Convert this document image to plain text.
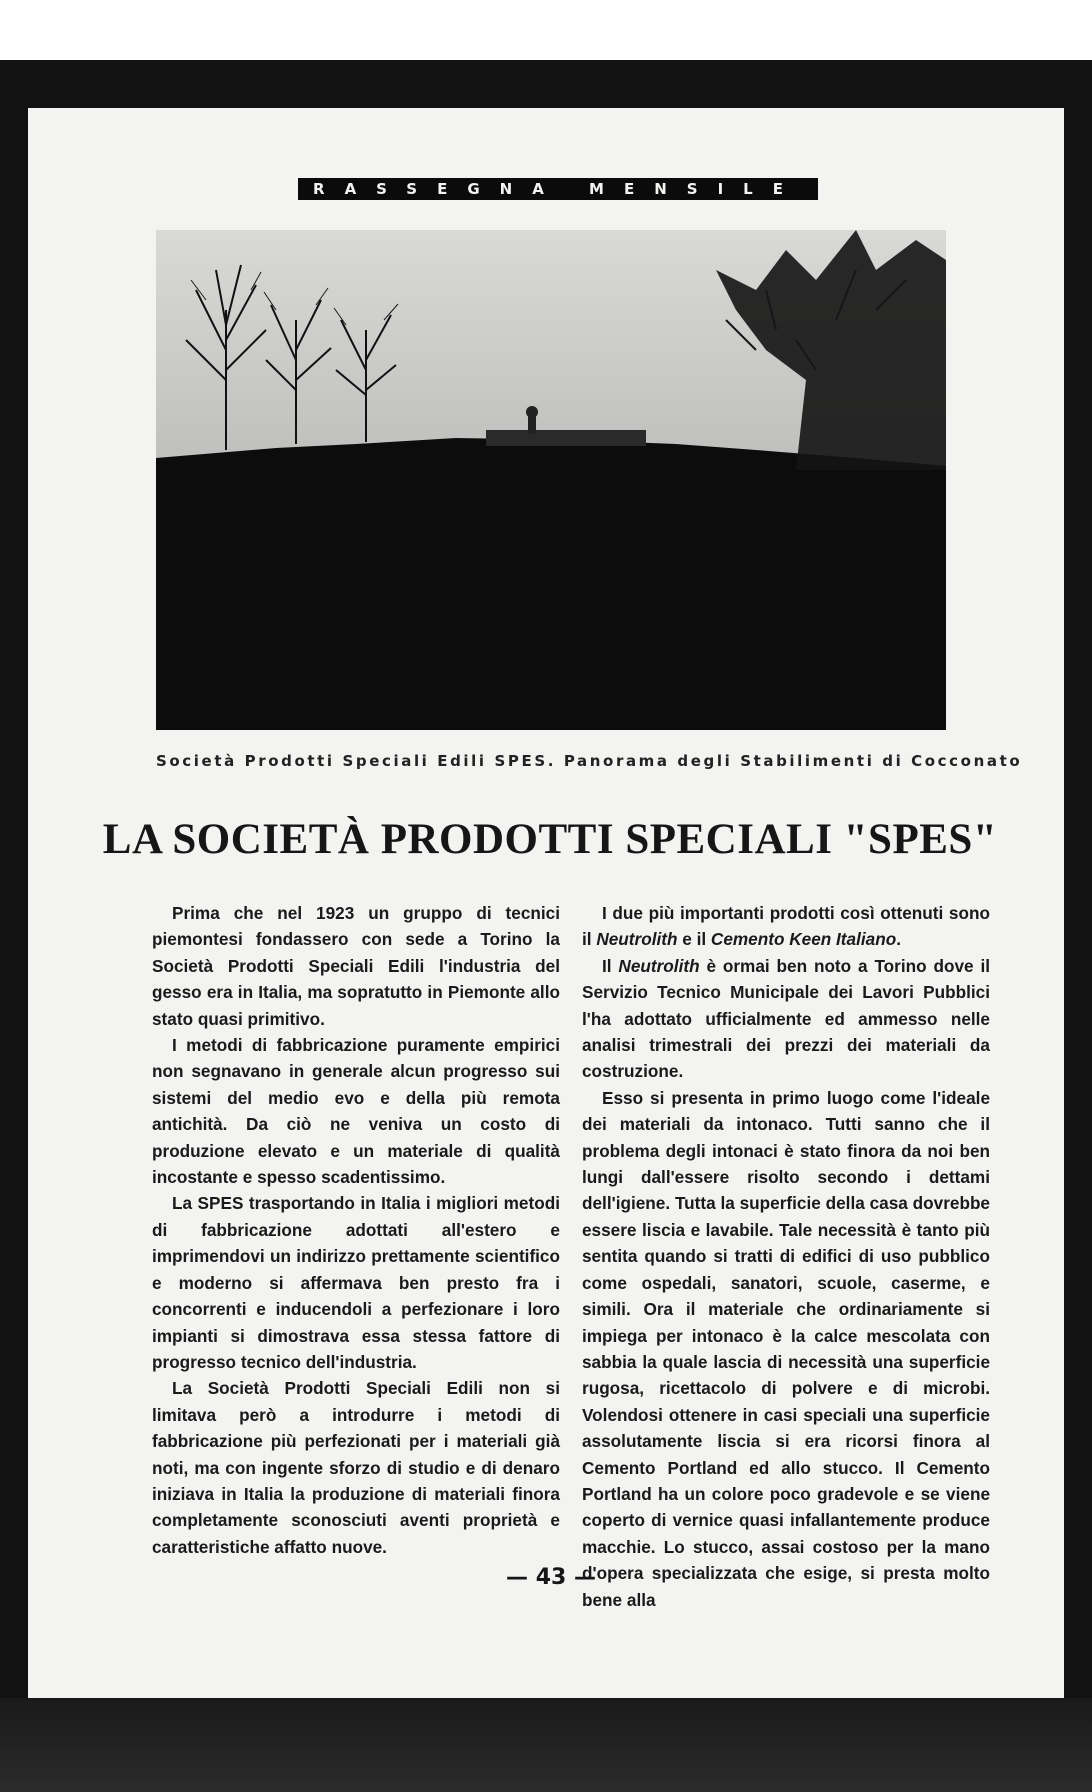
RASSEGNA MENSILE
Società Prodotti Speciali Edili SPES. Panorama degli Stabilimenti di Cocconato
LA SOCIETÀ PRODOTTI SPECIALI "SPES"

Prima che nel 1923 un gruppo di tecnici piemontesi fondassero con sede a Torino la Società Prodotti Speciali Edili l'industria del gesso era in Italia, ma sopratutto in Piemonte allo stato quasi primitivo.

I metodi di fabbricazione puramente empirici non segnavano in generale alcun progresso sui sistemi del medio evo e della più remota antichità. Da ciò ne veniva un costo di produzione elevato e un materiale di qualità incostante e spesso scadentissimo.

La SPES trasportando in Italia i migliori metodi di fabbricazione adottati all'estero e imprimendovi un indirizzo prettamente scientifico e moderno si affermava ben presto fra i concorrenti e inducendoli a perfezionare i loro impianti si dimostrava essa stessa fattore di progresso tecnico dell'industria.

La Società Prodotti Speciali Edili non si limitava però a introdurre i metodi di fabbricazione più perfezionati per i materiali già noti, ma con ingente sforzo di studio e di denaro iniziava in Italia la produzione di materiali finora completamente sconosciuti aventi proprietà e caratteristiche affatto nuove.

I due più importanti prodotti così ottenuti sono il Neutrolith e il Cemento Keen Italiano.

Il Neutrolith è ormai ben noto a Torino dove il Servizio Tecnico Municipale dei Lavori Pubblici l'ha adottato ufficialmente ed ammesso nelle analisi trimestrali dei prezzi dei materiali da costruzione.

Esso si presenta in primo luogo come l'ideale dei materiali da intonaco. Tutti sanno che il problema degli intonaci è stato finora da noi ben lungi dall'essere risolto secondo i dettami dell'igiene. Tutta la superficie della casa dovrebbe essere liscia e lavabile. Tale necessità è tanto più sentita quando si tratti di edifici di uso pubblico come ospedali, sanatori, scuole, caserme, e simili. Ora il materiale che ordinariamente si impiega per intonaco è la calce mescolata con sabbia la quale lascia di necessità una superficie rugosa, ricettacolo di polvere e di microbi. Volendosi ottenere in casi speciali una superficie assolutamente liscia si era ricorsi finora al Cemento Portland ed allo stucco. Il Cemento Portland ha un colore poco gradevole e se viene coperto di vernice quasi infallantemente produce macchie. Lo stucco, assai costoso per la mano d'opera specializzata che esige, si presta molto bene alla

— 43 —
